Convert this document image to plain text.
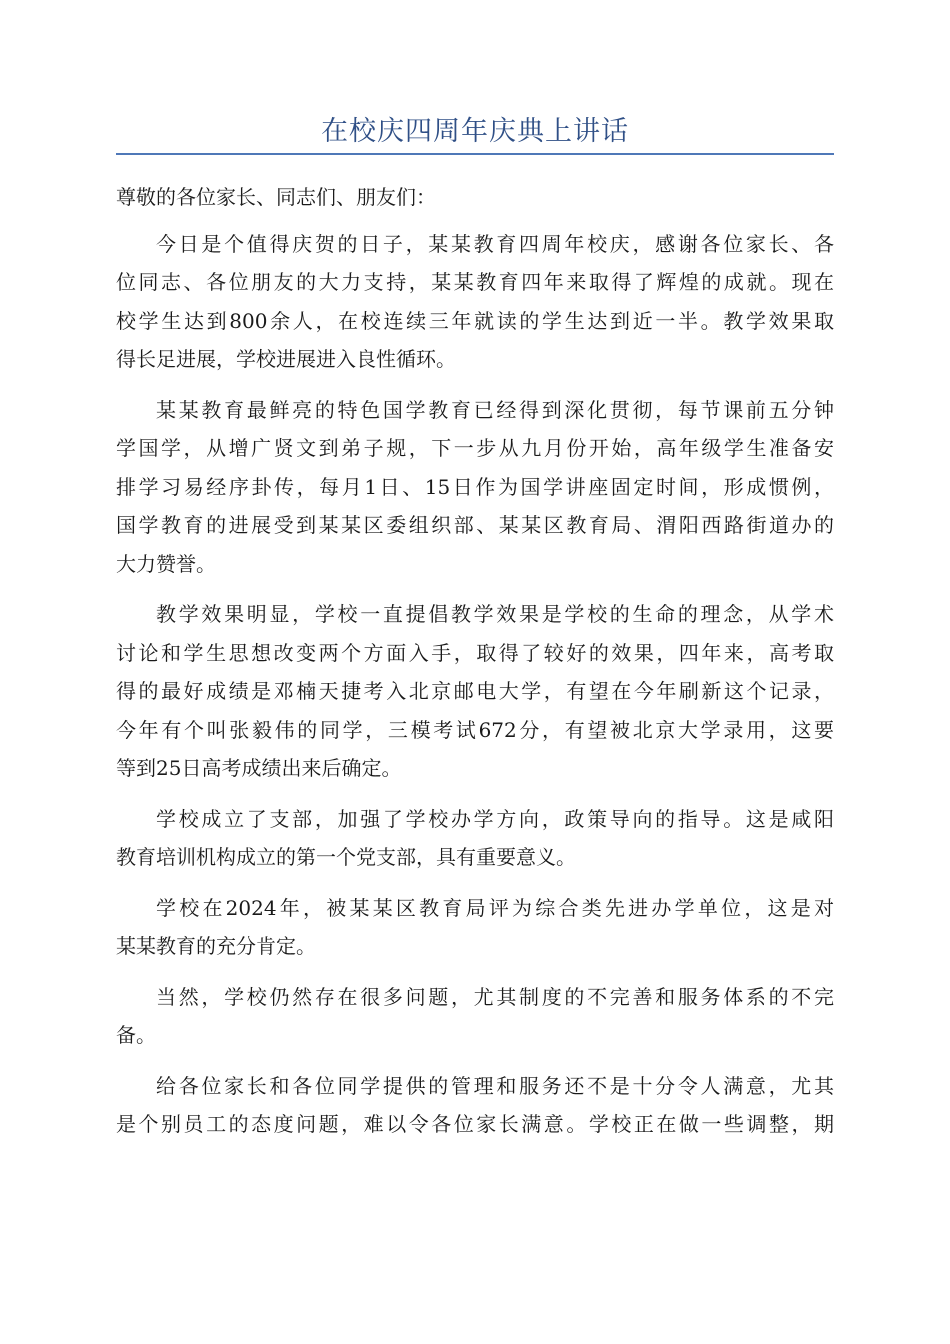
在校庆四周年庆典上讲话

尊敬的各位家长、同志们、朋友们：

今日是个值得庆贺的日子，某某教育四周年校庆，感谢各位家长、各
位同志、各位朋友的大力支持，某某教育四年来取得了辉煌的成就。现在
校学生达到800余人，在校连续三年就读的学生达到近一半。教学效果取
得长足进展，学校进展进入良性循环。

某某教育最鲜亮的特色国学教育已经得到深化贯彻，每节课前五分钟
学国学，从增广贤文到弟子规，下一步从九月份开始，高年级学生准备安
排学习易经序卦传，每月1日、15日作为国学讲座固定时间，形成惯例，
国学教育的进展受到某某区委组织部、某某区教育局、渭阳西路街道办的
大力赞誉。

教学效果明显，学校一直提倡教学效果是学校的生命的理念，从学术
讨论和学生思想改变两个方面入手，取得了较好的效果，四年来，高考取
得的最好成绩是邓楠天捷考入北京邮电大学，有望在今年刷新这个记录，
今年有个叫张毅伟的同学，三模考试672分，有望被北京大学录用，这要
等到25日高考成绩出来后确定。

学校成立了支部，加强了学校办学方向，政策导向的指导。这是咸阳
教育培训机构成立的第一个党支部，具有重要意义。

学校在2024年，被某某区教育局评为综合类先进办学单位，这是对
某某教育的充分肯定。

当然，学校仍然存在很多问题，尤其制度的不完善和服务体系的不完
备。

给各位家长和各位同学提供的管理和服务还不是十分令人满意，尤其
是个别员工的态度问题，难以令各位家长满意。学校正在做一些调整，期
